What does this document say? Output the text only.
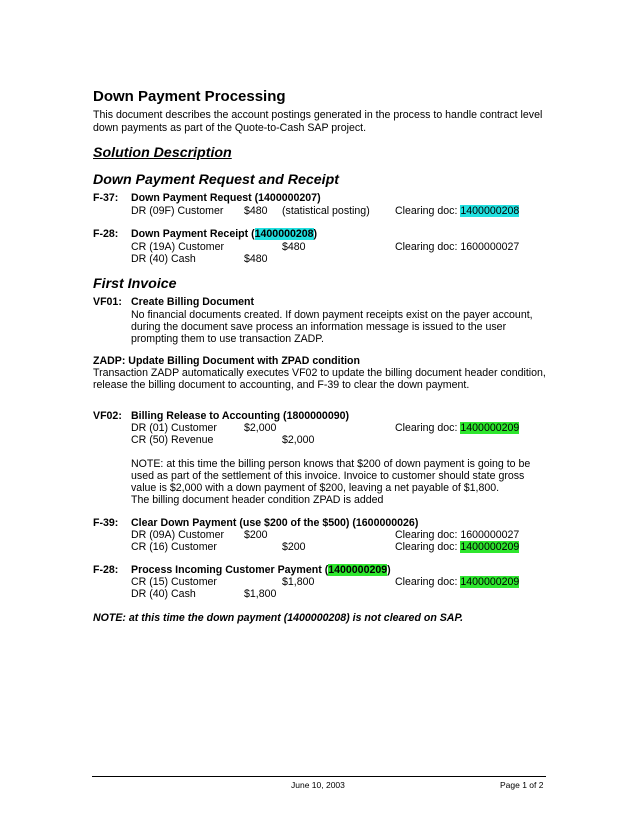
Down Payment Processing
This document describes the account postings generated in the process to handle contract level
down payments as part of the Quote-to-Cash SAP project.
Solution Description
Down Payment Request and Receipt
F-37: Down Payment Request (1400000207)
DR (09F) Customer $480 (statistical posting) Clearing doc: 1400000208
F-28: Down Payment Receipt (1400000208)
CR (19A) Customer	$480	Clearing doc: 1600000027
DR (40) Cash	$480
First Invoice
VF01: Create Billing Document
No financial documents created. If down payment receipts exist on the payer account,
during the document save process an information message is issued to the user
prompting them to use transaction ZADP.
ZADP: Update Billing Document with ZPAD condition
Transaction ZADP automatically executes VF02 to update the billing document header condition,
release the billing document to accounting, and F-39 to clear the down payment.
VF02: Billing Release to Accounting (1800000090)
DR (01) Customer	$2,000	Clearing doc: 1400000209
CR (50) Revenue	$2,000
NOTE: at this time the billing person knows that $200 of down payment is going to be
used as part of the settlement of this invoice. Invoice to customer should state gross
value is $2,000 with a down payment of $200, leaving a net payable of $1,800.
The billing document header condition ZPAD is added
F-39: Clear Down Payment (use $200 of the $500) (1600000026)
DR (09A) Customer $200	Clearing doc: 1600000027
CR (16) Customer	$200	Clearing doc: 1400000209
F-28: Process Incoming Customer Payment (1400000209)
CR (15) Customer	$1,800	Clearing doc: 1400000209
DR (40) Cash	$1,800
NOTE: at this time the down payment (1400000208) is not cleared on SAP.
June 10, 2003	Page 1 of 2
